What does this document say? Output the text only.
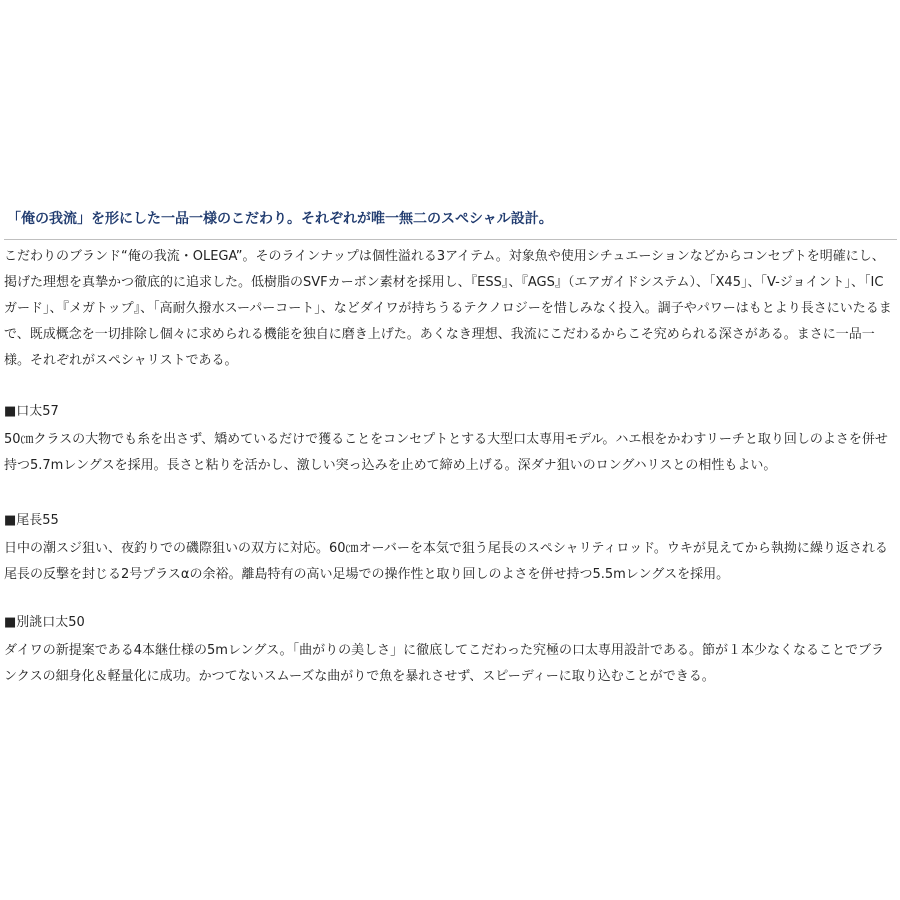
「俺の我流」を形にした一品一様のこだわり。それぞれが唯一無二のスペシャル設計。

こだわりのブランド“俺の我流・OLEGA”。そのラインナップは個性溢れる3アイテム。対象魚や使用シチュエーションなどからコンセプトを明確にし、掲げた理想を真摯かつ徹底的に追求した。低樹脂のSVFカーボン素材を採用し、『ESS』、『AGS』（エアガイドシステム）、「X45」、「V-ジョイント」、「ICガード」、『メガトップ』、「高耐久撥水スーパーコート」、などダイワが持ちうるテクノロジーを惜しみなく投入。調子やパワーはもとより長さにいたるまで、既成概念を一切排除し個々に求められる機能を独自に磨き上げた。あくなき理想、我流にこだわるからこそ究められる深さがある。まさに一品一様。それぞれがスペシャリストである。

■口太57

50㎝クラスの大物でも糸を出さず、矯めているだけで獲ることをコンセプトとする大型口太専用モデル。ハエ根をかわすリーチと取り回しのよさを併せ持つ5.7mレングスを採用。長さと粘りを活かし、激しい突っ込みを止めて締め上げる。深ダナ狙いのロングハリスとの相性もよい。

■尾長55

日中の潮スジ狙い、夜釣りでの磯際狙いの双方に対応。60㎝オーバーを本気で狙う尾長のスペシャリティロッド。ウキが見えてから執拗に繰り返される尾長の反撃を封じる2号プラスαの余裕。離島特有の高い足場での操作性と取り回しのよさを併せ持つ5.5mレングスを採用。

■別誂口太50

ダイワの新提案である4本継仕様の5mレングス。「曲がりの美しさ」に徹底してこだわった究極の口太専用設計である。節が１本少なくなることでブランクスの細身化＆軽量化に成功。かつてないスムーズな曲がりで魚を暴れさせず、スピーディーに取り込むことができる。
